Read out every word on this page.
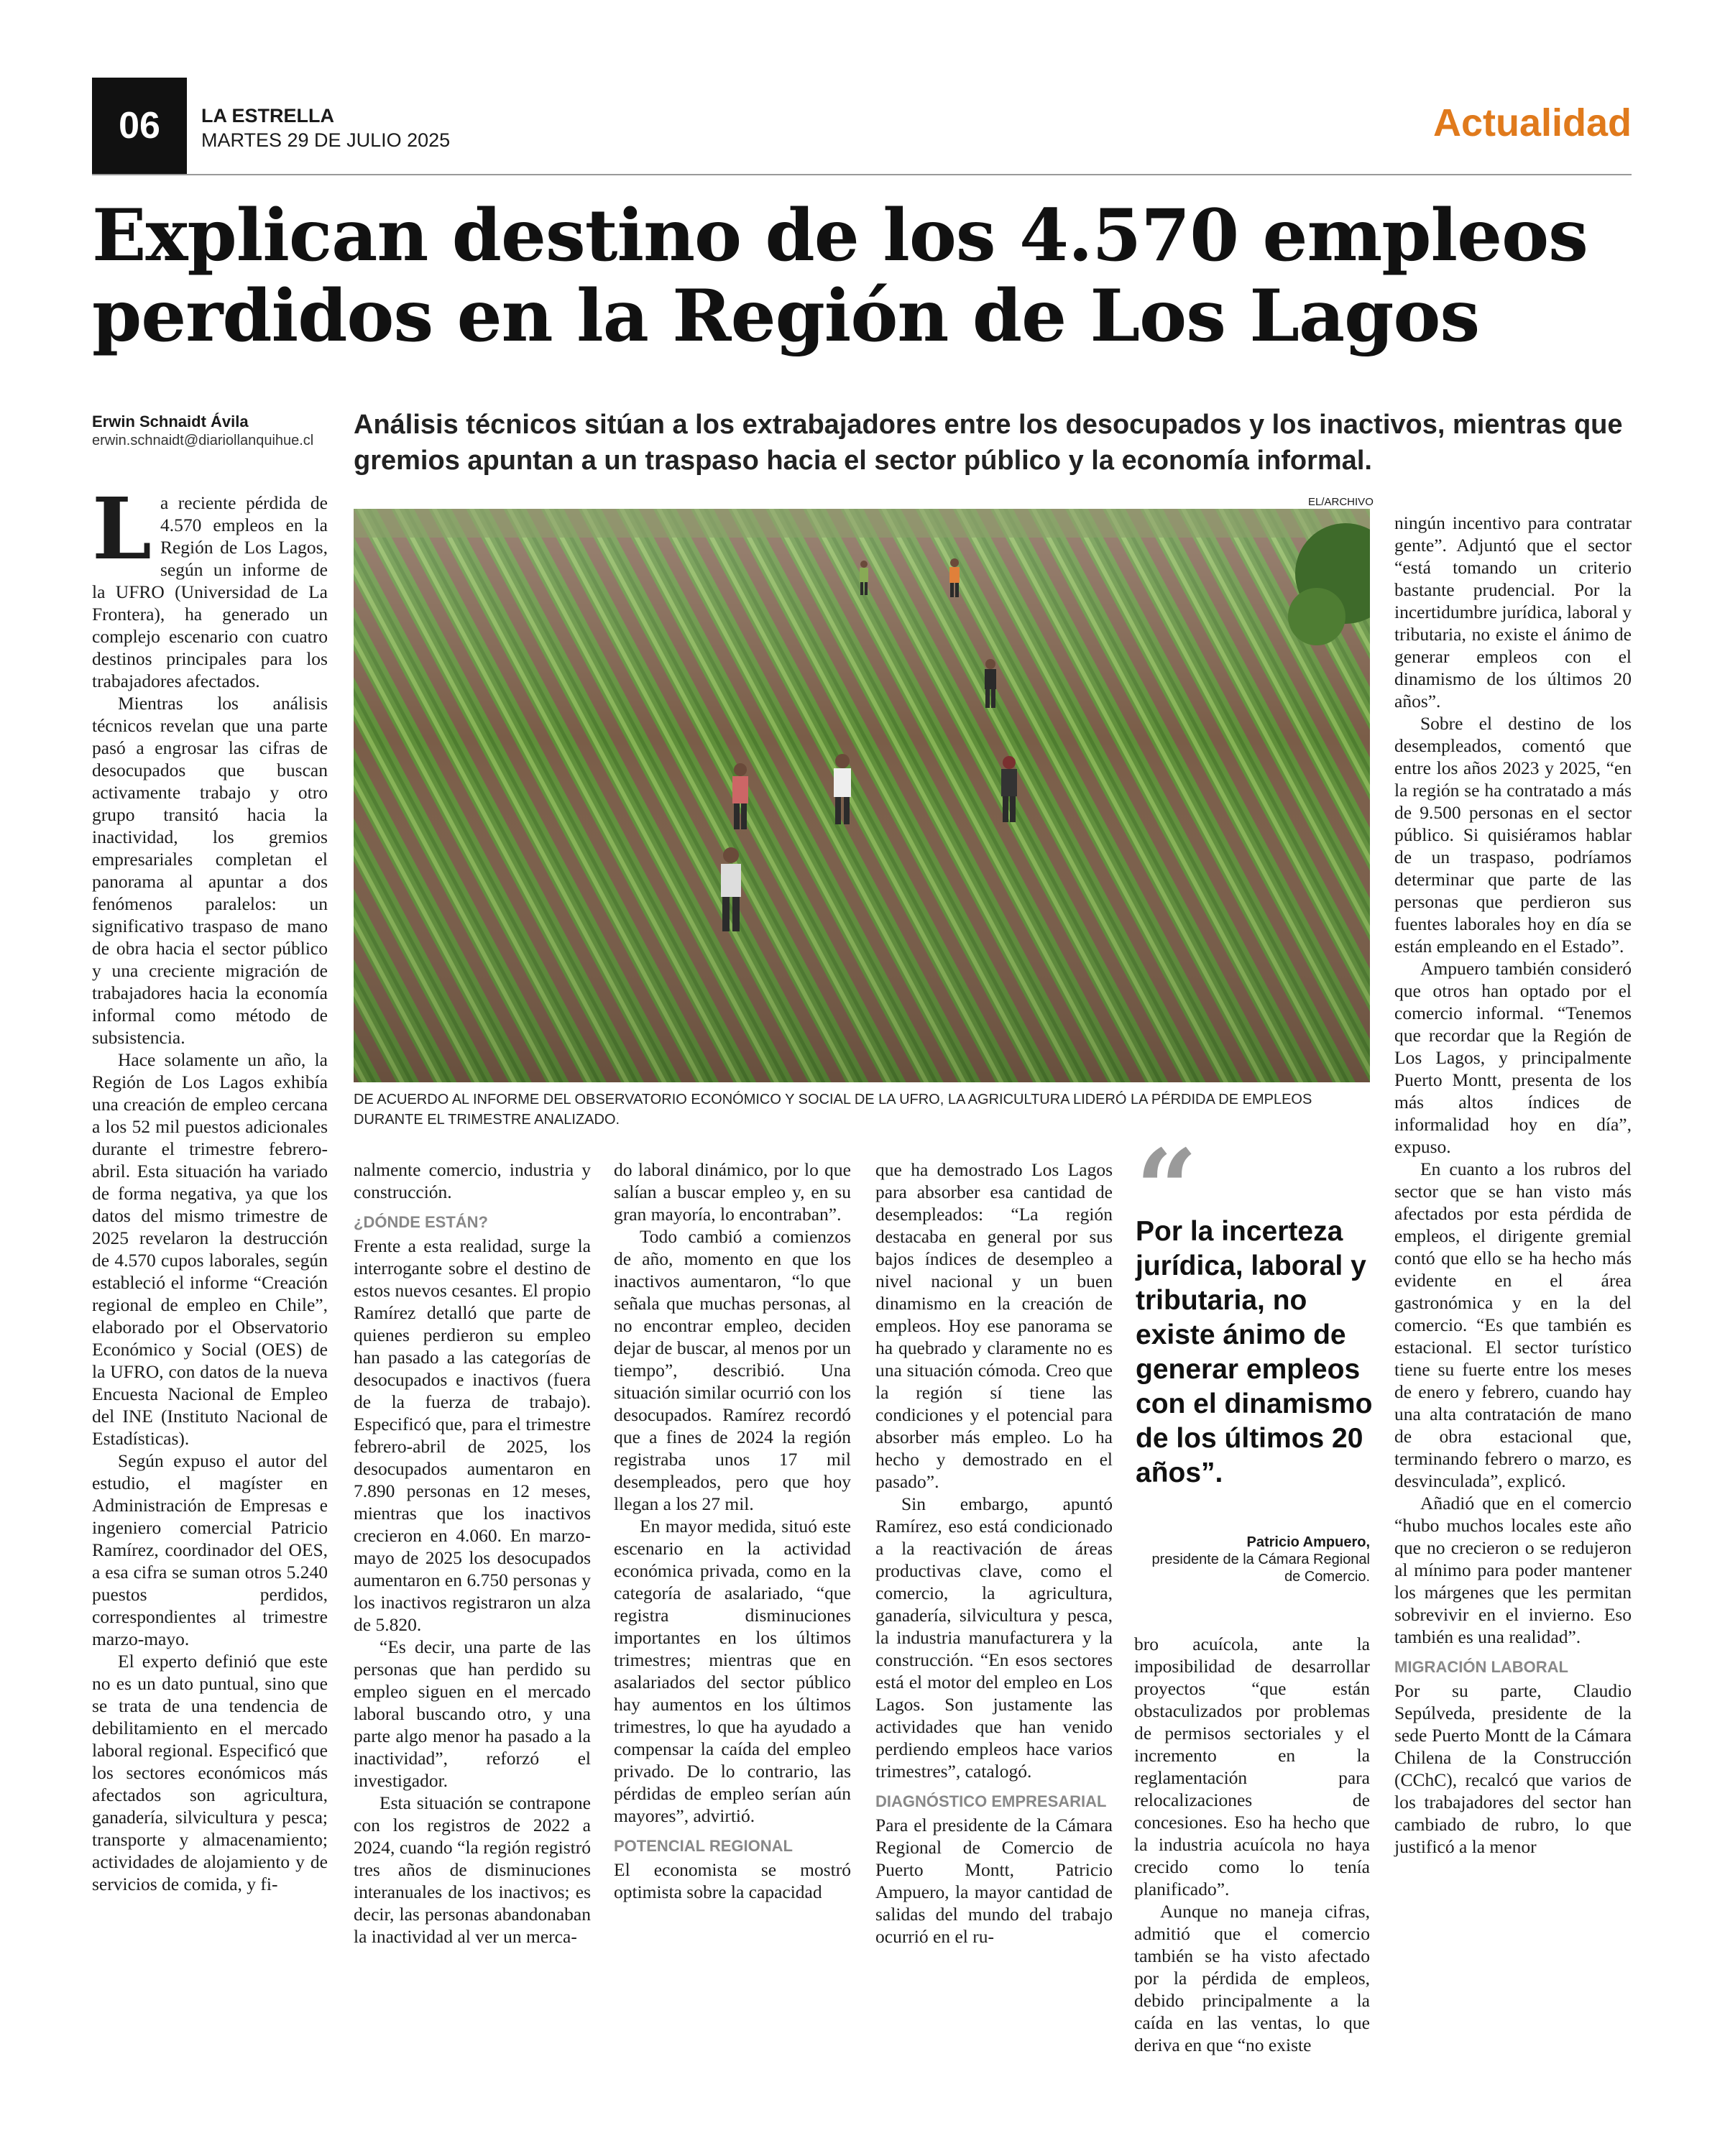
06	LA ESTRELLA
MARTES 29 DE JULIO 2025	Actualidad
Explican destino de los 4.570 empleos perdidos en la Región de Los Lagos
Erwin Schnaidt Ávila
erwin.schnaidt@diariollanquihue.cl
Análisis técnicos sitúan a los extrabajadores entre los desocupados y los inactivos, mientras que gremios apuntan a un traspaso hacia el sector público y la economía informal.
EL/ARCHIVO
DE ACUERDO AL INFORME DEL OBSERVATORIO ECONÓMICO Y SOCIAL DE LA UFRO, LA AGRICULTURA LIDERÓ LA PÉRDIDA DE EMPLEOS DURANTE EL TRIMESTRE ANALIZADO.

La reciente pérdida de 4.570 empleos en la Región de Los Lagos, según un informe de la UFRO (Universidad de La Frontera), ha generado un complejo escenario con cuatro destinos principales para los trabajadores afectados.

Mientras los análisis técnicos revelan que una parte pasó a engrosar las cifras de desocupados que buscan activamente trabajo y otro grupo transitó hacia la inactividad, los gremios empresariales completan el panorama al apuntar a dos fenómenos paralelos: un significativo traspaso de mano de obra hacia el sector público y una creciente migración de trabajadores hacia la economía informal como método de subsistencia.

Hace solamente un año, la Región de Los Lagos exhibía una creación de empleo cercana a los 52 mil puestos adicionales durante el trimestre febrero-abril. Esta situación ha variado de forma negativa, ya que los datos del mismo trimestre de 2025 revelaron la destrucción de 4.570 cupos laborales, según estableció el informe “Creación regional de empleo en Chile”, elaborado por el Observatorio Económico y Social (OES) de la UFRO, con datos de la nueva Encuesta Nacional de Empleo del INE (Instituto Nacional de Estadísticas).

Según expuso el autor del estudio, el magíster en Administración de Empresas e ingeniero comercial Patricio Ramírez, coordinador del OES, a esa cifra se suman otros 5.240 puestos perdidos, correspondientes al trimestre marzo-mayo.

El experto definió que este no es un dato puntual, sino que se trata de una tendencia de debilitamiento en el mercado laboral regional. Especificó que los sectores económicos más afectados son agricultura, ganadería, silvicultura y pesca; transporte y almacenamiento; actividades de alojamiento y de servicios de comida, y fi-

nalmente comercio, industria y construcción.

¿DÓNDE ESTÁN?

Frente a esta realidad, surge la interrogante sobre el destino de estos nuevos cesantes. El propio Ramírez detalló que parte de quienes perdieron su empleo han pasado a las categorías de desocupados e inactivos (fuera de la fuerza de trabajo). Especificó que, para el trimestre febrero-abril de 2025, los desocupados aumentaron en 7.890 personas en 12 meses, mientras que los inactivos crecieron en 4.060. En marzo-mayo de 2025 los desocupados aumentaron en 6.750 personas y los inactivos registraron un alza de 5.820.

“Es decir, una parte de las personas que han perdido su empleo siguen en el mercado laboral buscando otro, y una parte algo menor ha pasado a la inactividad”, reforzó el investigador.

Esta situación se contrapone con los registros de 2022 a 2024, cuando “la región registró tres años de disminuciones interanuales de los inactivos; es decir, las personas abandonaban la inactividad al ver un merca-

do laboral dinámico, por lo que salían a buscar empleo y, en su gran mayoría, lo encontraban”.

Todo cambió a comienzos de año, momento en que los inactivos aumentaron, “lo que señala que muchas personas, al no encontrar empleo, deciden dejar de buscar, al menos por un tiempo”, describió. Una situación similar ocurrió con los desocupados. Ramírez recordó que a fines de 2024 la región registraba unos 17 mil desempleados, pero que hoy llegan a los 27 mil.

En mayor medida, situó este escenario en la actividad económica privada, como en la categoría de asalariado, “que registra disminuciones importantes en los últimos trimestres; mientras que en asalariados del sector público hay aumentos en los últimos trimestres, lo que ha ayudado a compensar la caída del empleo privado. De lo contrario, las pérdidas de empleo serían aún mayores”, advirtió.

POTENCIAL REGIONAL

El economista se mostró optimista sobre la capacidad

que ha demostrado Los Lagos para absorber esa cantidad de desempleados: “La región destacaba en general por sus bajos índices de desempleo a nivel nacional y un buen dinamismo en la creación de empleos. Hoy ese panorama se ha quebrado y claramente no es una situación cómoda. Creo que la región sí tiene las condiciones y el potencial para absorber más empleo. Lo ha hecho y demostrado en el pasado”.

Sin embargo, apuntó Ramírez, eso está condicionado a la reactivación de áreas productivas clave, como el comercio, la agricultura, ganadería, silvicultura y pesca, la industria manufacturera y la construcción. “En esos sectores está el motor del empleo en Los Lagos. Son justamente las actividades que han venido perdiendo empleos hace varios trimestres”, catalogó.

DIAGNÓSTICO EMPRESARIAL

Para el presidente de la Cámara Regional de Comercio de Puerto Montt, Patricio Ampuero, la mayor cantidad de salidas del mundo del trabajo ocurrió en el ru-

“
Por la incerteza jurídica, laboral y tributaria, no existe ánimo de generar empleos con el dinamismo de los últimos 20 años”.
Patricio Ampuero,
presidente de la Cámara Regional de Comercio.

bro acuícola, ante la imposibilidad de desarrollar proyectos “que están obstaculizados por problemas de permisos sectoriales y el incremento en la reglamentación para relocalizaciones de concesiones. Eso ha hecho que la industria acuícola no haya crecido como lo tenía planificado”.

Aunque no maneja cifras, admitió que el comercio también se ha visto afectado por la pérdida de empleos, debido principalmente a la caída en las ventas, lo que deriva en que “no existe

ningún incentivo para contratar gente”. Adjuntó que el sector “está tomando un criterio bastante prudencial. Por la incertidumbre jurídica, laboral y tributaria, no existe el ánimo de generar empleos con el dinamismo de los últimos 20 años”.

Sobre el destino de los desempleados, comentó que entre los años 2023 y 2025, “en la región se ha contratado a más de 9.500 personas en el sector público. Si quisiéramos hablar de un traspaso, podríamos determinar que parte de las personas que perdieron sus fuentes laborales hoy en día se están empleando en el Estado”.

Ampuero también consideró que otros han optado por el comercio informal. “Tenemos que recordar que la Región de Los Lagos, y principalmente Puerto Montt, presenta de los más altos índices de informalidad hoy en día”, expuso.

En cuanto a los rubros del sector que se han visto más afectados por esta pérdida de empleos, el dirigente gremial contó que ello se ha hecho más evidente en el área gastronómica y en la del comercio. “Es que también es estacional. El sector turístico tiene su fuerte entre los meses de enero y febrero, cuando hay una alta contratación de mano de obra estacional que, terminando febrero o marzo, es desvinculada”, explicó.

Añadió que en el comercio “hubo muchos locales este año que no crecieron o se redujeron al mínimo para poder mantener los márgenes que les permitan sobrevivir en el invierno. Eso también es una realidad”.

MIGRACIÓN LABORAL

Por su parte, Claudio Sepúlveda, presidente de la sede Puerto Montt de la Cámara Chilena de la Construcción (CChC), recalcó que varios de los trabajadores del sector han cambiado de rubro, lo que justificó a la menor
